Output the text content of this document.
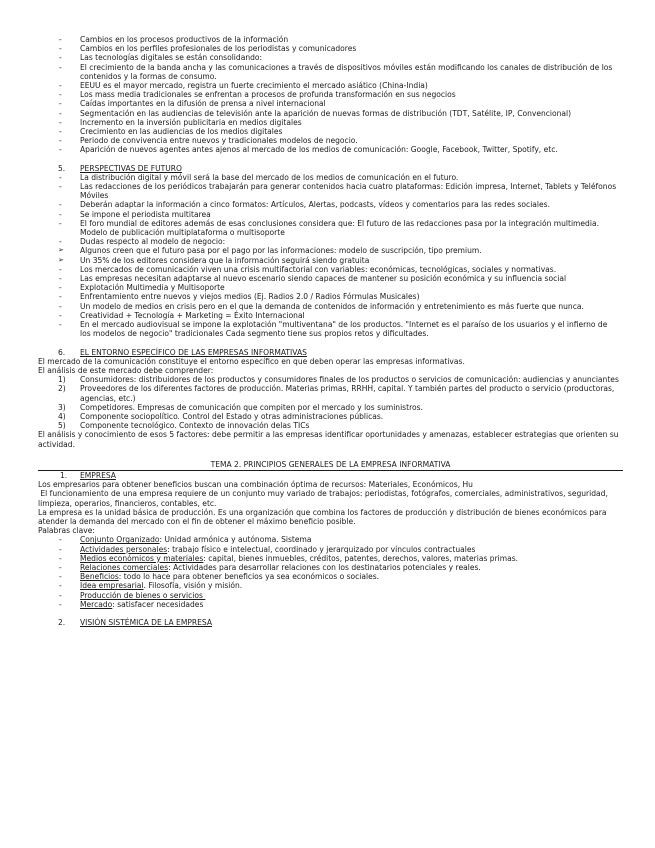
- Cambios en los procesos productivos de la información
- Cambios en los perfiles profesionales de los periodistas y comunicadores
- Las tecnologías digitales se están consolidando:
- El crecimiento de la banda ancha y las comunicaciones a través de dispositivos móviles están modificando los canales de distribución de los contenidos y la formas de consumo.
- EEUU es el mayor mercado, registra un fuerte crecimiento el mercado asiático (China-India)
- Los mass media tradicionales se enfrentan a procesos de profunda transformación en sus negocios
- Caídas importantes en la difusión de prensa a nivel internacional
- Segmentación en las audiencias de televisión ante la aparición de nuevas formas de distribución (TDT, Satélite, IP, Convencional)
- Incremento en la inversión publicitaria en medios digitales
- Crecimiento en las audiencias de los medios digitales
- Periodo de convivencia entre nuevos y tradicionales modelos de negocio.
- Aparición de nuevos agentes antes ajenos al mercado de los medios de comunicación: Google, Facebook, Twitter, Spotify, etc.
5. PERSPECTIVAS DE FUTURO
- La distribución digital y móvil será la base del mercado de los medios de comunicación en el futuro.
- Las redacciones de los periódicos trabajarán para generar contenidos hacia cuatro plataformas: Edición impresa, Internet, Tablets y Teléfonos Móviles
- Deberán adaptar la información a cinco formatos: Artículos, Alertas, podcasts, vídeos y comentarios para las redes sociales.
- Se impone el periodista multitarea
- El foro mundial de editores además de esas conclusiones considera que: El futuro de las redacciones pasa por la integración multimedia. Modelo de publicación multiplataforma o multisoporte
- Dudas respecto al modelo de negocio:
➢ Algunos creen que el futuro pasa por el pago por las informaciones: modelo de suscripción, tipo premium.
➢ Un 35% de los editores considera que la información seguirá siendo gratuita
- Los mercados de comunicación viven una crisis multifactorial con variables: económicas, tecnológicas, sociales y normativas.
- Las empresas necesitan adaptarse al nuevo escenario siendo capaces de mantener su posición económica y su influencia social
- Explotación Multimedia y Multisoporte
- Enfrentamiento entre nuevos y viejos medios (Ej. Radios 2.0 / Radios Fórmulas Musicales)
- Un modelo de medios en crisis pero en el que la demanda de contenidos de información y entretenimiento es más fuerte que nunca.
- Creatividad + Tecnología + Marketing = Éxito Internacional
- En el mercado audiovisual se impone la explotación "multiventana" de los productos. "Internet es el paraíso de los usuarios y el infierno de los modelos de negocio" tradicionales Cada segmento tiene sus propios retos y dificultades.
6. EL ENTORNO ESPECÍFICO DE LAS EMPRESAS INFORMATIVAS
El mercado de la comunicación constituye el entorno específico en que deben operar las empresas informativas.
El análisis de este mercado debe comprender:
1) Consumidores: distribuidores de los productos y consumidores finales de los productos o servicios de comunicación: audiencias y anunciantes
2) Proveedores de los diferentes factores de producción. Materias primas, RRHH, capital. Y también partes del producto o servicio (productoras, agencias, etc.)
3) Competidores. Empresas de comunicación que compiten por el mercado y los suministros.
4) Componente sociopolítico. Control del Estado y otras administraciones públicas.
5) Componente tecnológico. Contexto de innovación delas TICs
El análisis y conocimiento de esos 5 factores: debe permitir a las empresas identificar oportunidades y amenazas, establecer estrategias que orienten su actividad.
TEMA 2. PRINCIPIOS GENERALES DE LA EMPRESA INFORMATIVA
1. EMPRESA
Los empresarios para obtener beneficios buscan una combinación óptima de recursos: Materiales, Económicos, Hu
El funcionamiento de una empresa requiere de un conjunto muy variado de trabajos: periodistas, fotógrafos, comerciales, administrativos, seguridad, limpieza, operarios, financieros, contables, etc.
La empresa es la unidad básica de producción. Es una organización que combina los factores de producción y distribución de bienes económicos para atender la demanda del mercado con el fin de obtener el máximo beneficio posible.
Palabras clave:
- Conjunto Organizado: Unidad armónica y autónoma. Sistema
- Actividades personales: trabajo físico e intelectual, coordinado y jerarquizado por vínculos contractuales
- Medios económicos y materiales: capital, bienes inmuebles, créditos, patentes, derechos, valores, materias primas.
- Relaciones comerciales: Actividades para desarrollar relaciones con los destinatarios potenciales y reales.
- Beneficios: todo lo hace para obtener beneficios ya sea económicos o sociales.
- Idea empresarial. Filosofía, visión y misión.
- Producción de bienes o servicios
- Mercado: satisfacer necesidades
2. VISIÓN SISTÉMICA DE LA EMPRESA
